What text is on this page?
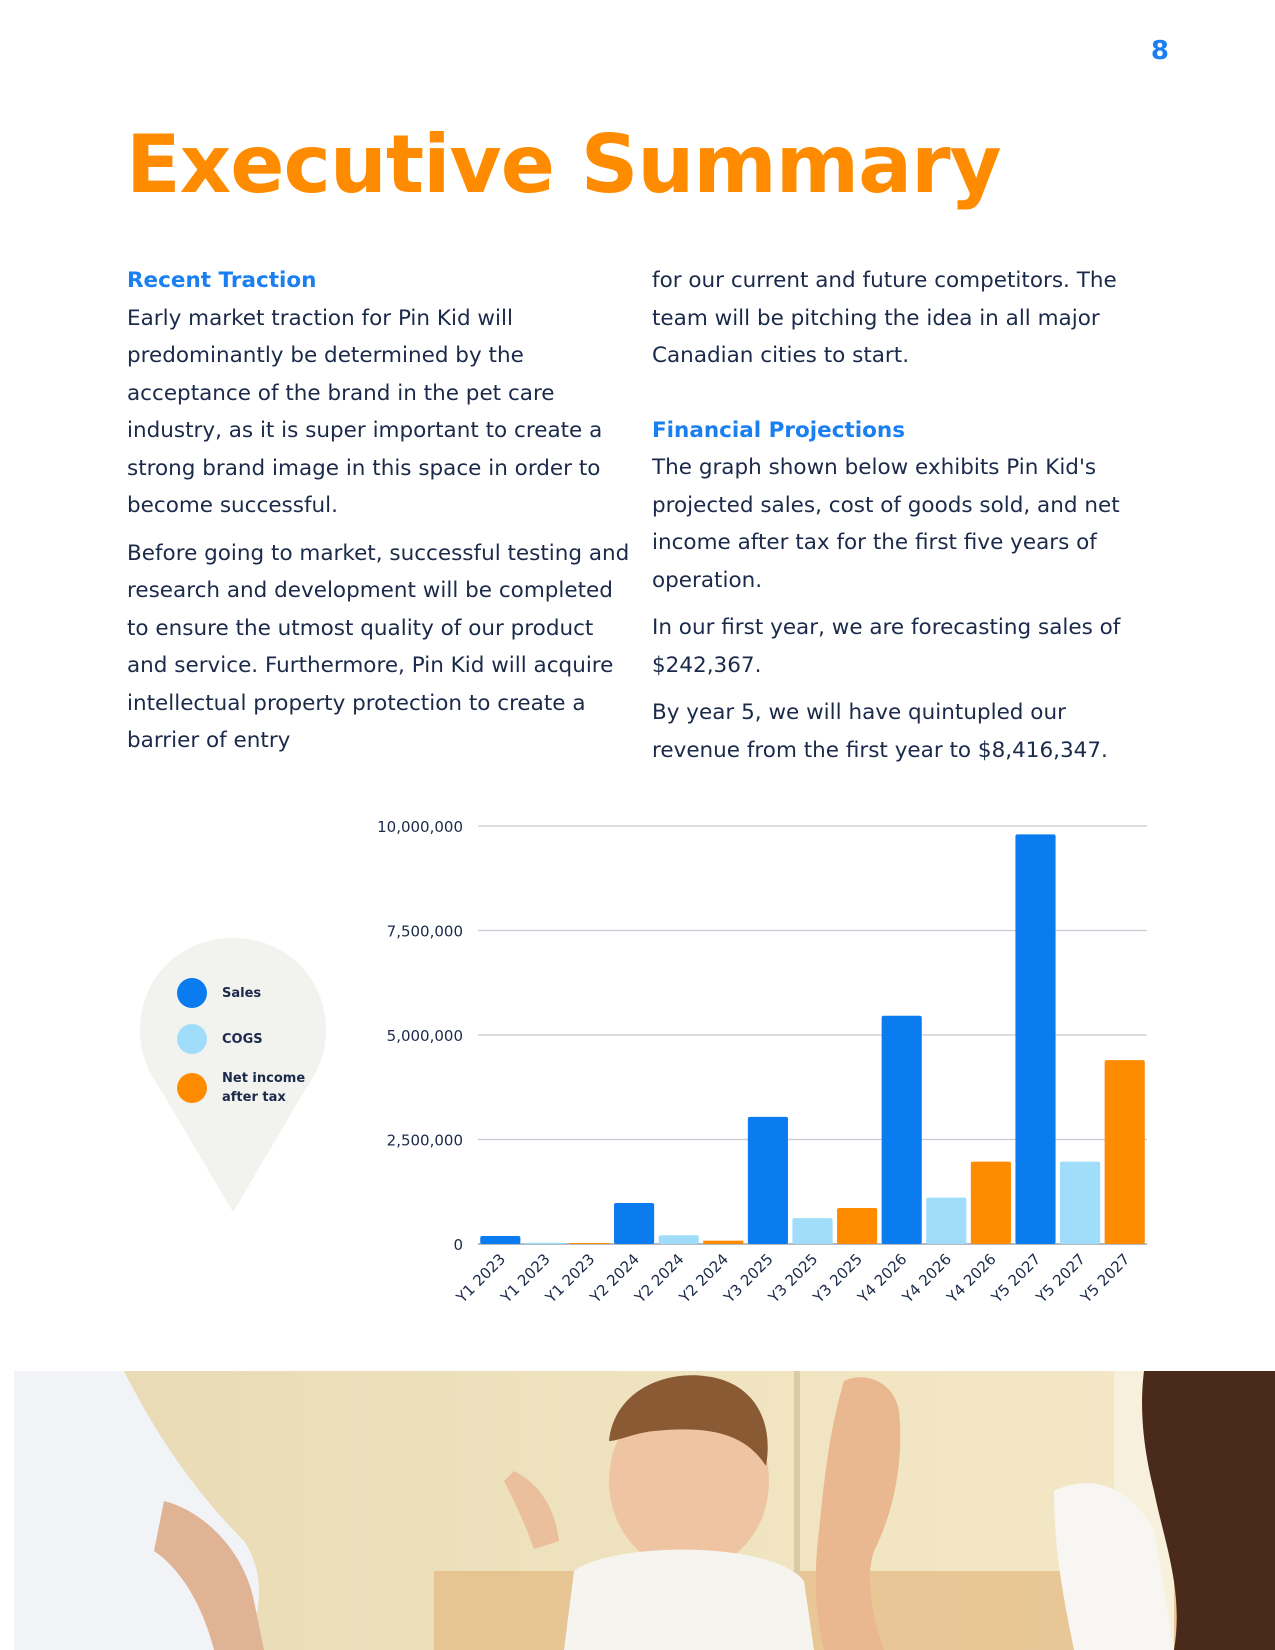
8
Executive Summary
Recent Traction

Early market traction for Pin Kid will predominantly be determined by the acceptance of the brand in the pet care industry, as it is super important to create a strong brand image in this space in order to become successful.

Before going to market, successful testing and research and development will be completed to ensure the utmost quality of our product and service. Furthermore, Pin Kid will acquire intellectual property protection to create a barrier of entry

for our current and future competitors. The team will be pitching the idea in all major Canadian cities to start.

Financial Projections

The graph shown below exhibits Pin Kid's projected sales, cost of goods sold, and net income after tax for the first five years of operation.

In our first year, we are forecasting sales of $242,367.

By year 5, we will have quintupled our revenue from the first year to $8,416,347.

Sales
COGS
Net income after tax
0
2,500,000
5,000,000
7,500,000
10,000,000
Y1 2023
Y1 2023
Y1 2023
Y2 2024
Y2 2024
Y2 2024
Y3 2025
Y3 2025
Y3 2025
Y4 2026
Y4 2026
Y4 2026
Y5 2027
Y5 2027
Y5 2027
